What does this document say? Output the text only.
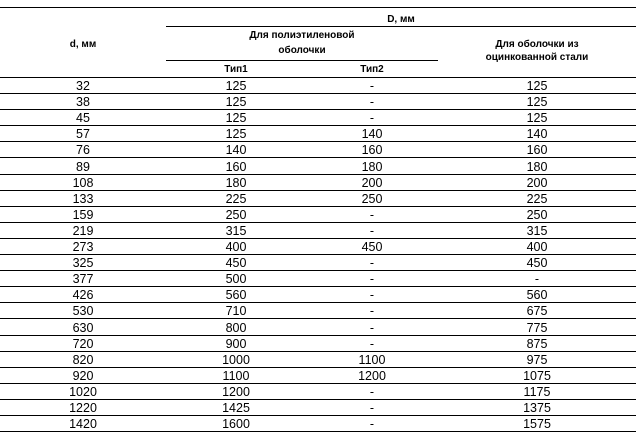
d, мм
D, мм
Для полиэтиленовой
оболочки
Для оболочки из
оцинкованной стали
Тип1	Тип2
32	125	-	125
38	125	-	125
45	125	-	125
57	125	140	140
76	140	160	160
89	160	180	180
108	180	200	200
133	225	250	225
159	250	-	250
219	315	-	315
273	400	450	400
325	450	-	450
377	500	-	-
426	560	-	560
530	710	-	675
630	800	-	775
720	900	-	875
820	1000	1100	975
920	1100	1200	1075
1020	1200	-	1175
1220	1425	-	1375
1420	1600	-	1575
